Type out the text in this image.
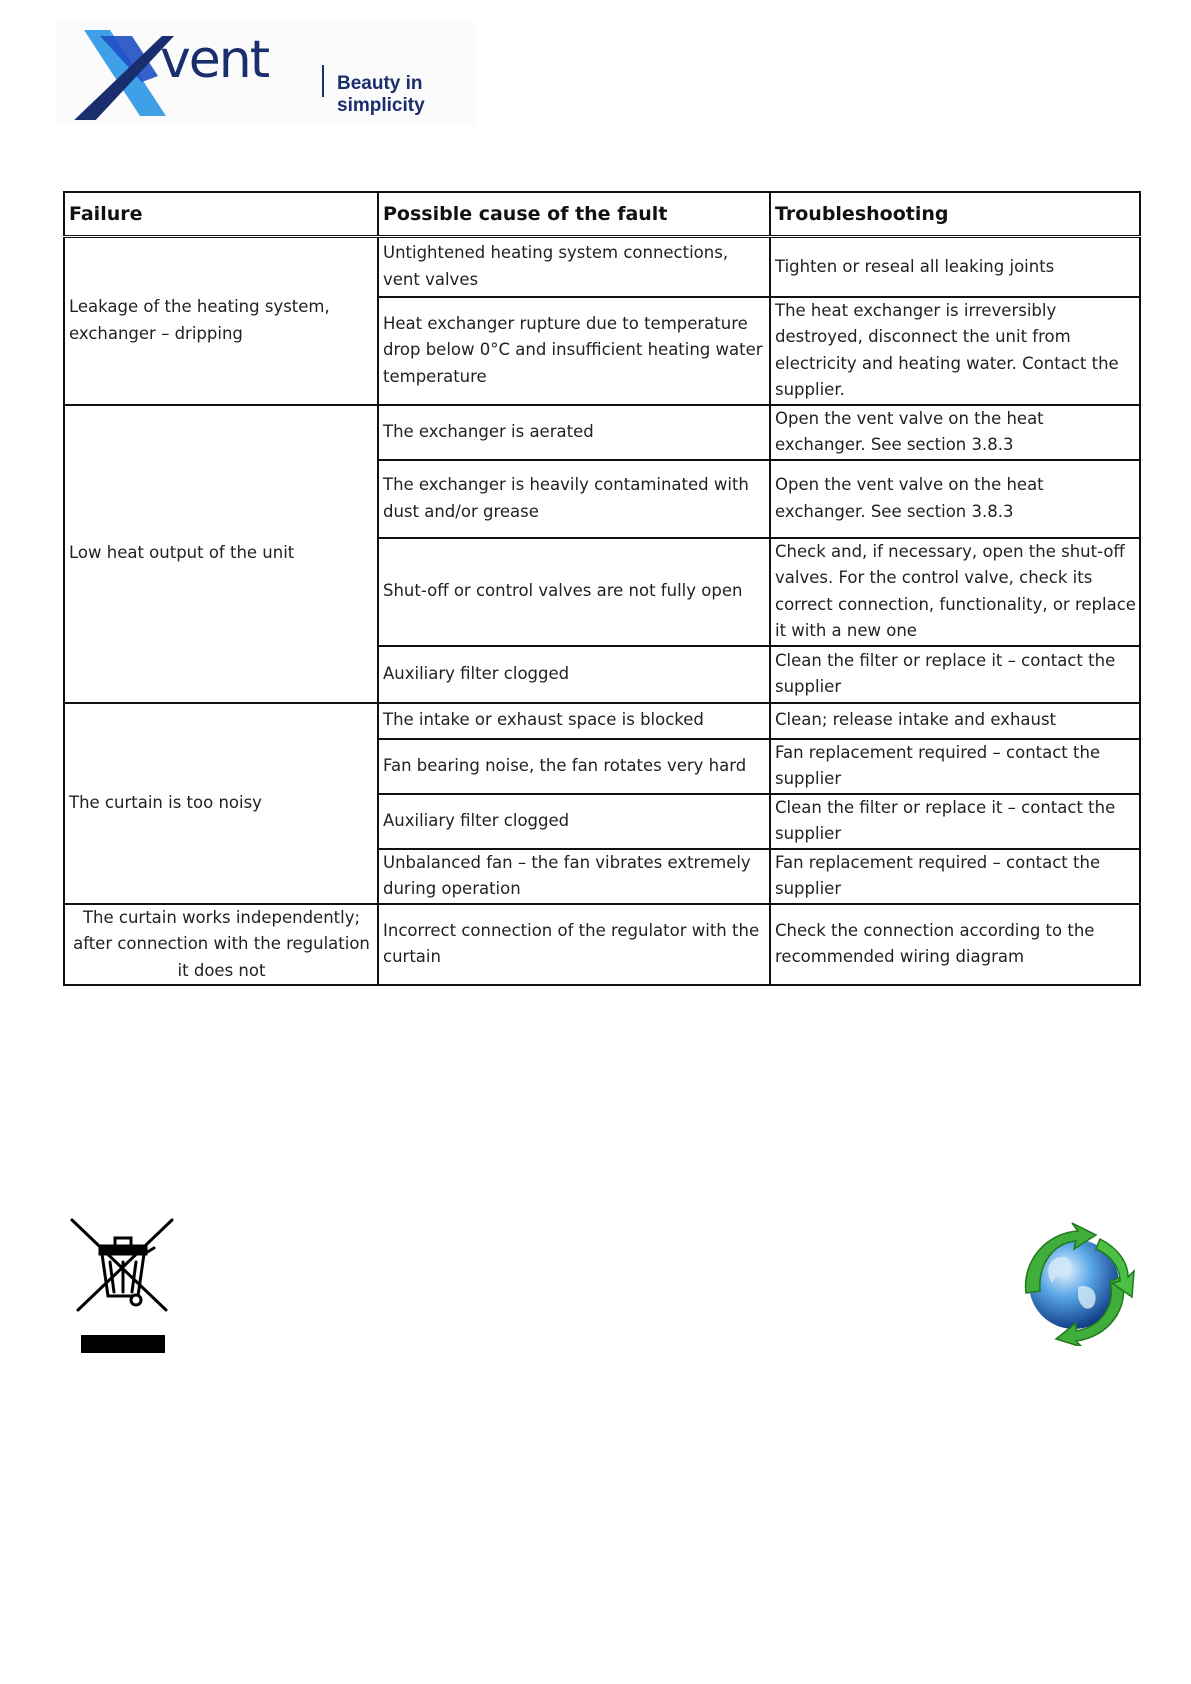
vent	Beauty in simplicity
Failure	Possible cause of the fault	Troubleshooting
Leakage of the heating system, exchanger – dripping	Untightened heating system connections, vent valves	Tighten or reseal all leaking joints
	Heat exchanger rupture due to temperature drop below 0°C and insufficient heating water temperature	The heat exchanger is irreversibly destroyed, disconnect the unit from electricity and heating water. Contact the supplier.
Low heat output of the unit	The exchanger is aerated	Open the vent valve on the heat exchanger. See section 3.8.3
	The exchanger is heavily contaminated with dust and/or grease	Open the vent valve on the heat exchanger. See section 3.8.3
	Shut-off or control valves are not fully open	Check and, if necessary, open the shut-off valves. For the control valve, check its correct connection, functionality, or replace it with a new one
	Auxiliary filter clogged	Clean the filter or replace it – contact the supplier
The curtain is too noisy	The intake or exhaust space is blocked	Clean; release intake and exhaust
	Fan bearing noise, the fan rotates very hard	Fan replacement required – contact the supplier
	Auxiliary filter clogged	Clean the filter or replace it – contact the supplier
	Unbalanced fan – the fan vibrates extremely during operation	Fan replacement required – contact the supplier
The curtain works independently; after connection with the regulation it does not	Incorrect connection of the regulator with the curtain	Check the connection according to the recommended wiring diagram
